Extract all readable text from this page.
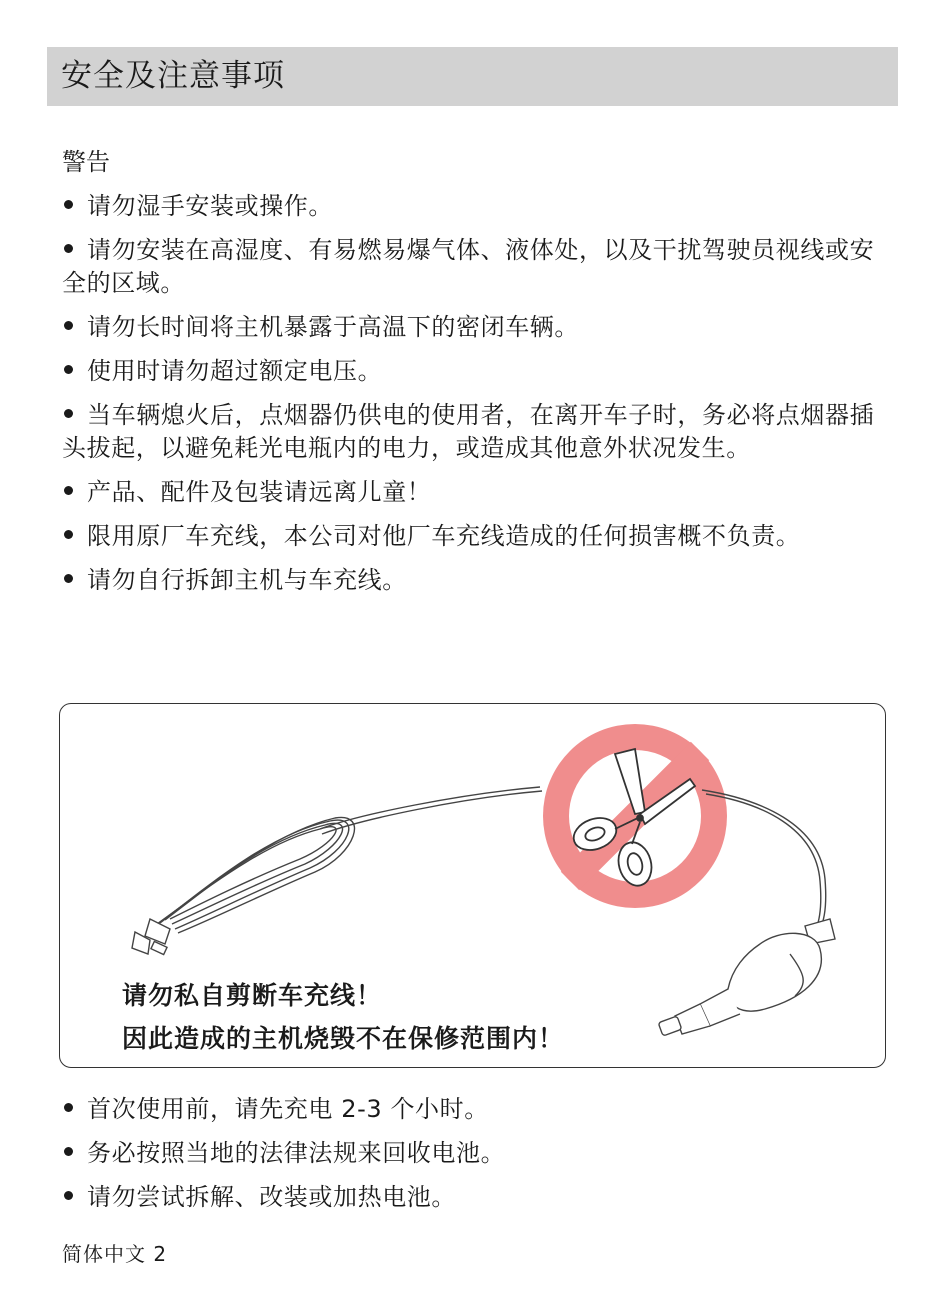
安全及注意事项
警告
请勿湿手安装或操作。
请勿安装在高湿度、有易燃易爆气体、液体处，以及干扰驾驶员视线或安全的区域。
请勿长时间将主机暴露于高温下的密闭车辆。
使用时请勿超过额定电压。
当车辆熄火后，点烟器仍供电的使用者，在离开车子时，务必将点烟器插头拔起，以避免耗光电瓶内的电力，或造成其他意外状况发生。
产品、配件及包装请远离儿童！
限用原厂车充线，本公司对他厂车充线造成的任何损害概不负责。
请勿自行拆卸主机与车充线。
请勿私自剪断车充线！
因此造成的主机烧毁不在保修范围内！
首次使用前，请先充电 2-3 个小时。
务必按照当地的法律法规来回收电池。
请勿尝试拆解、改装或加热电池。
简体中文 2
